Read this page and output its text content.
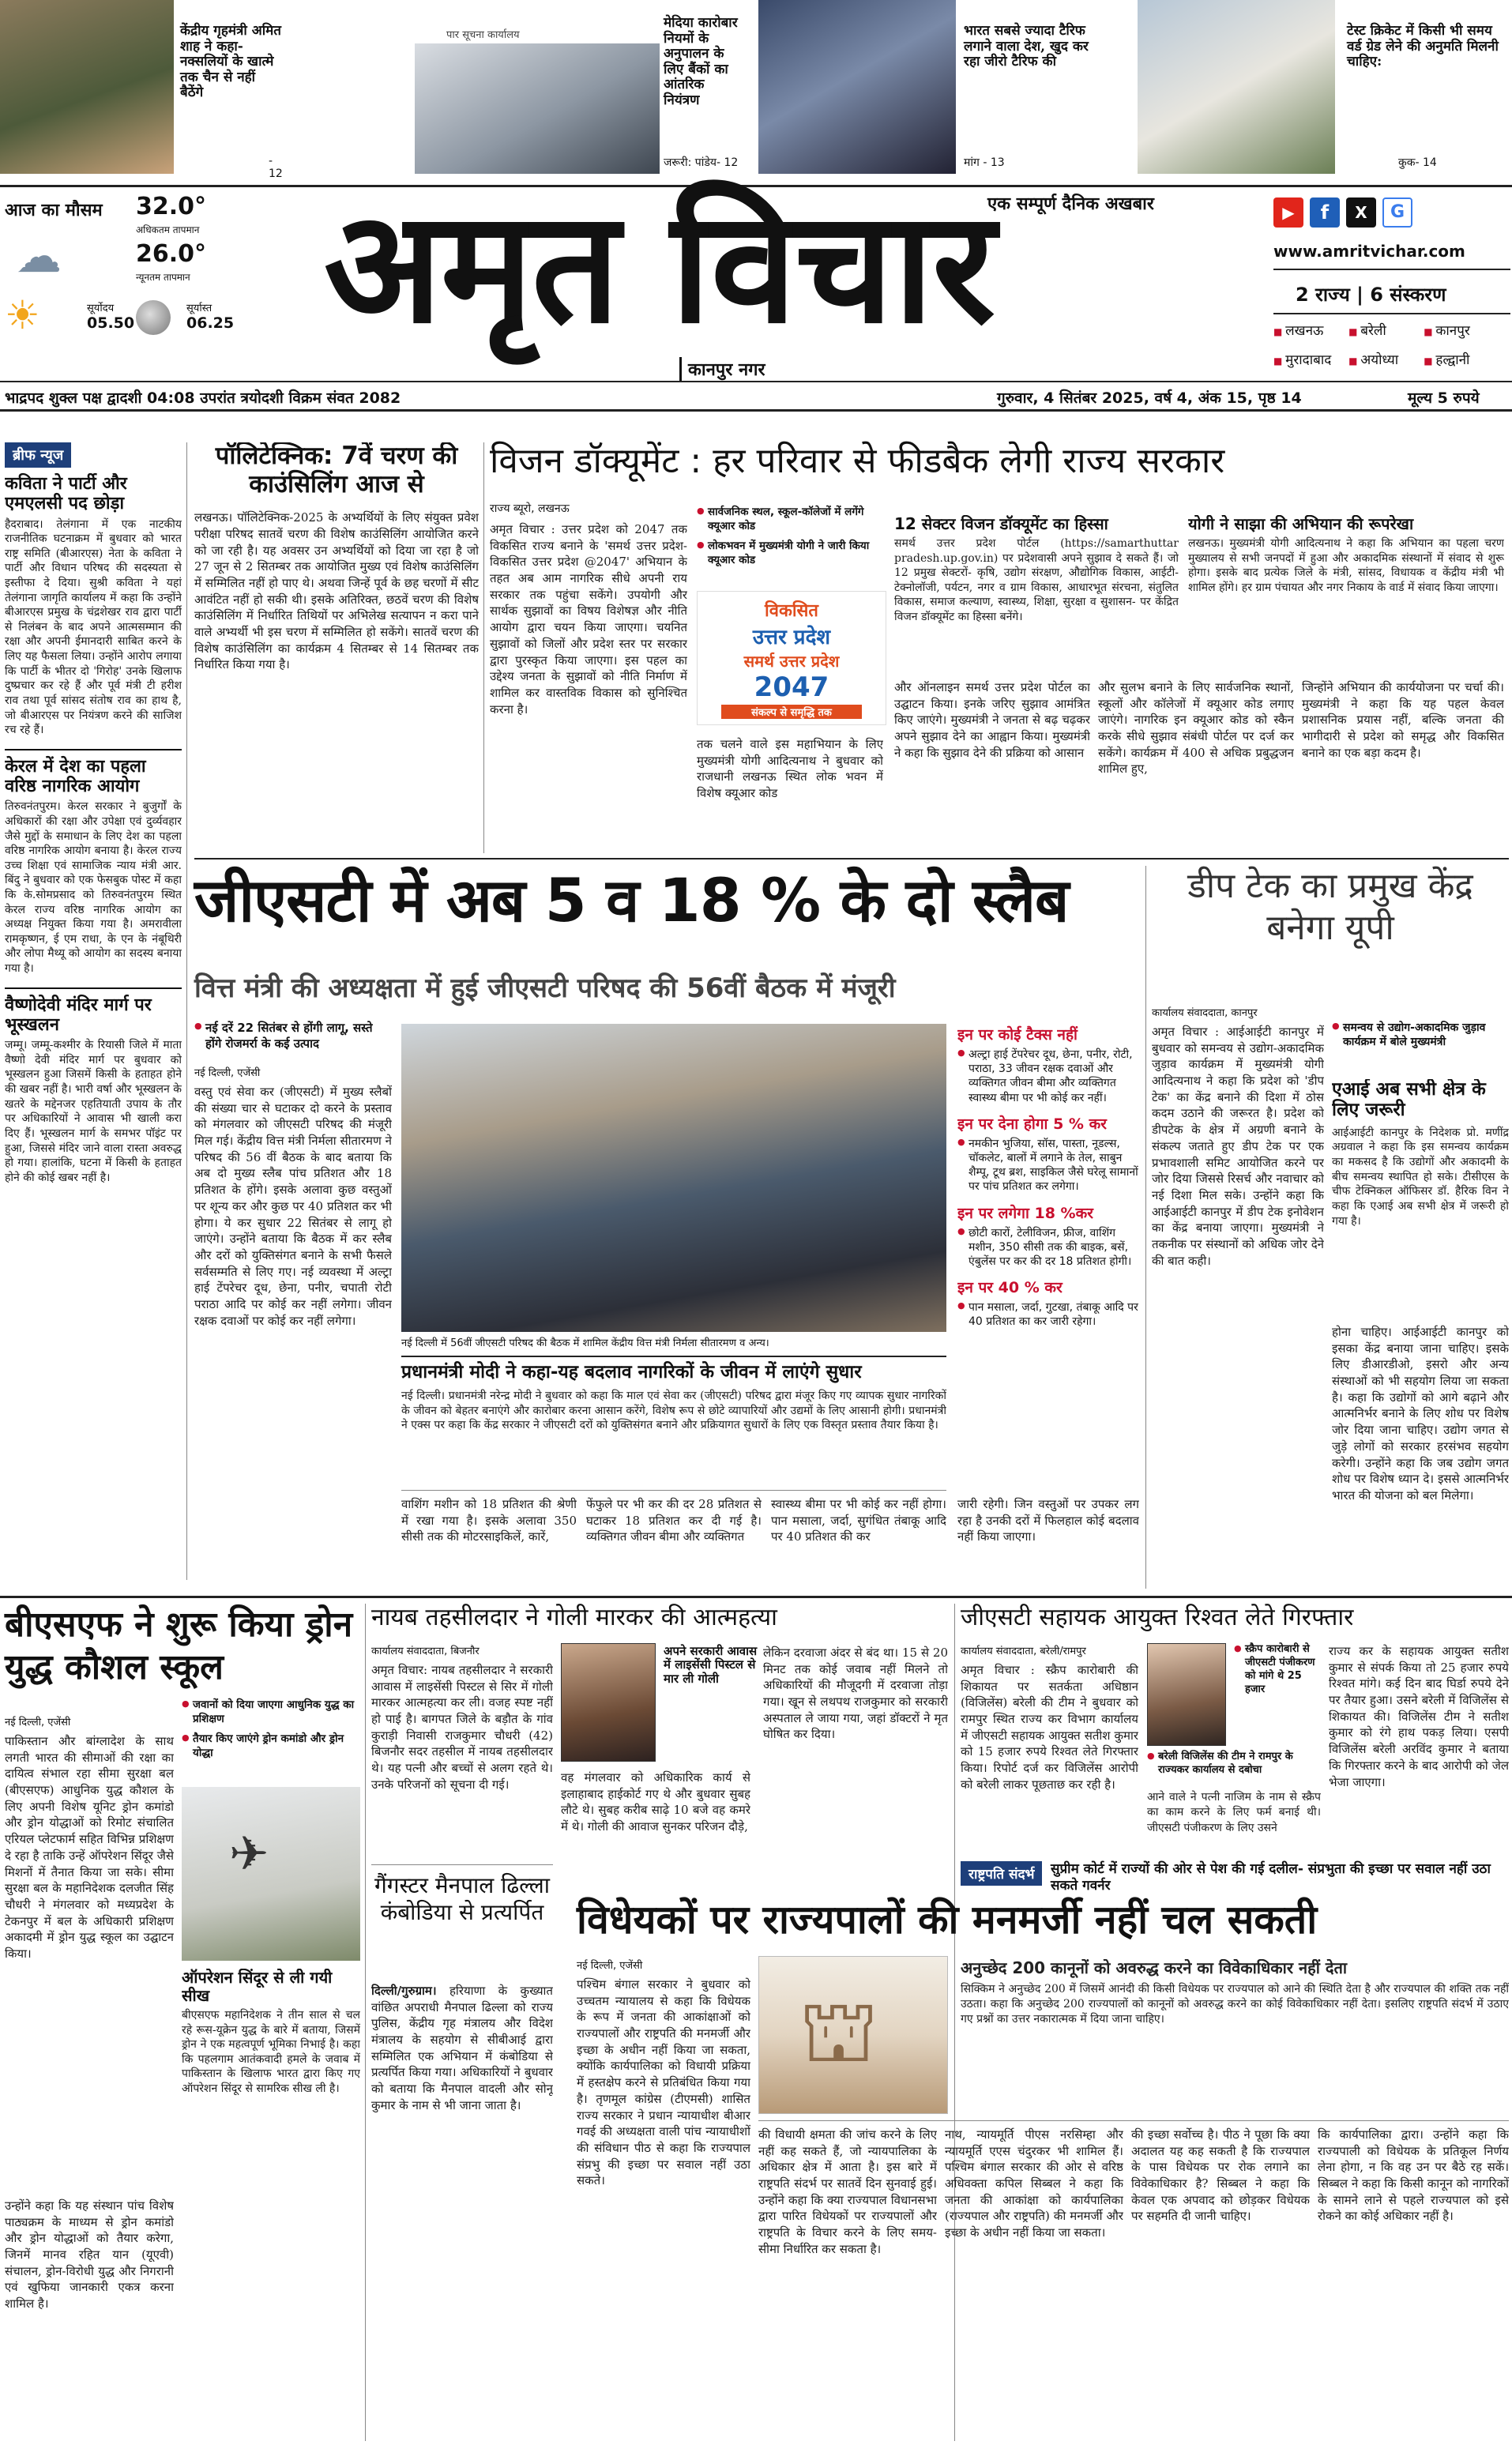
केंद्रीय गृहमंत्री अमित शाह ने कहा- नक्सलियों के खात्मे तक चैन से नहीं बैठेंगे
- 12
पार सूचना कार्यालय
मेदिया कारोबार नियमों के अनुपालन के लिए बैंकों का आंतरिक नियंत्रण
जरूरी: पांडेय- 12
भारत सबसे ज्यादा टैरिफ लगाने वाला देश, खुद कर रहा जीरो टैरिफ की
मांग - 13
टेस्ट क्रिकेट में किसी भी समय वर्ड ग्रेड लेने की अनुमति मिलनी चाहिए:
कुक- 14
आज का मौसम 32.0°
अधिकतम तापमान
☁	26.0°
न्यूनतम तापमान
☀	सूर्योदय
05.50
सूर्यास्त
06.25
एक सम्पूर्ण दैनिक अखबार
अमृत विचार
कानपुर नगर
▶	f	X	G
www.amritvichar.com
2 राज्य | 6 संस्करण
■ लखनऊ	■ बरेली	■ कानपुर ■ मुरादाबाद ■ अयोध्या	■ हल्द्वानी
भाद्रपद शुक्ल पक्ष द्वादशी 04:08 उपरांत त्रयोदशी विक्रम संवत 2082	गुरुवार, 4 सितंबर 2025, वर्ष 4, अंक 15, पृष्ठ 14	मूल्य 5 रुपये
ब्रीफ न्यूज
कविता ने पार्टी और एमएलसी पद छोड़ा
हैदराबाद। तेलंगाना में एक नाटकीय राजनीतिक घटनाक्रम में बुधवार को भारत राष्ट्र समिति (बीआरएस) नेता के कविता ने पार्टी और विधान परिषद की सदस्यता से इस्तीफा दे दिया। सुश्री कविता ने यहां तेलंगाना जागृति कार्यालय में कहा कि उन्होंने बीआरएस प्रमुख के चंद्रशेखर राव द्वारा पार्टी से निलंबन के बाद अपने आत्मसम्मान की रक्षा और अपनी ईमानदारी साबित करने के लिए यह फैसला लिया। उन्होंने आरोप लगाया कि पार्टी के भीतर दो 'गिरोह' उनके खिलाफ दुष्प्रचार कर रहे हैं और पूर्व मंत्री टी हरीश राव तथा पूर्व सांसद संतोष राव का हाथ है, जो बीआरएस पर नियंत्रण करने की साजिश रच रहे हैं।
केरल में देश का पहला वरिष्ठ नागरिक आयोग
तिरुवनंतपुरम। केरल सरकार ने बुजुर्गों के अधिकारों की रक्षा और उपेक्षा एवं दुर्व्यवहार जैसे मुद्दों के समाधान के लिए देश का पहला वरिष्ठ नागरिक आयोग बनाया है। केरल राज्य उच्च शिक्षा एवं सामाजिक न्याय मंत्री आर. बिंदु ने बुधवार को एक फेसबुक पोस्ट में कहा कि के.सोमप्रसाद को तिरुवनंतपुरम स्थित केरल राज्य वरिष्ठ नागरिक आयोग का अध्यक्ष नियुक्त किया गया है। अमरावीला रामकृष्णन, ई एम राधा, के एन के नंबूथिरी और लोपा मैथ्यू को आयोग का सदस्य बनाया गया है।
वैष्णोदेवी मंदिर मार्ग पर भूस्खलन
जम्मू। जम्मू-कश्मीर के रियासी जिले में माता वैष्णो देवी मंदिर मार्ग पर बुधवार को भूस्खलन हुआ जिसमें किसी के हताहत होने की खबर नहीं है। भारी वर्षा और भूस्खलन के खतरे के मद्देनजर एहतियाती उपाय के तौर पर अधिकारियों ने आवास भी खाली करा दिए हैं। भूस्खलन मार्ग के समभर पॉइंट पर हुआ, जिससे मंदिर जाने वाला रास्ता अवरुद्ध हो गया। हालांकि, घटना में किसी के हताहत होने की कोई खबर नहीं है।
पॉलिटेक्निक: 7वें चरण की काउंसिलिंग आज से
लखनऊ। पॉलिटेक्निक-2025 के अभ्यर्थियों के लिए संयुक्त प्रवेश परीक्षा परिषद सातवें चरण की विशेष काउंसिलिंग आयोजित करने को जा रही है। यह अवसर उन अभ्यर्थियों को दिया जा रहा है जो 27 जून से 2 सितम्बर तक आयोजित मुख्य एवं विशेष काउंसिलिंग में सम्मिलित नहीं हो पाए थे। अथवा जिन्हें पूर्व के छह चरणों में सीट आवंटित नहीं हो सकी थी। इसके अतिरिक्त, छठवें चरण की विशेष काउंसिलिंग में निर्धारित तिथियों पर अभिलेख सत्यापन न करा पाने वाले अभ्यर्थी भी इस चरण में सम्मिलित हो सकेंगे। सातवें चरण की विशेष काउंसिलिंग का कार्यक्रम 4 सितम्बर से 14 सितम्बर तक निर्धारित किया गया है।
विजन डॉक्यूमेंट : हर परिवार से फीडबैक लेगी राज्य सरकार
राज्य ब्यूरो, लखनऊ
अमृत विचार : उत्तर प्रदेश को 2047 तक विकसित राज्य बनाने के 'समर्थ उत्तर प्रदेश-विकसित उत्तर प्रदेश @2047' अभियान के तहत अब आम नागरिक सीधे अपनी राय सरकार तक पहुंचा सकेंगे। उपयोगी और सार्थक सुझावों का विषय विशेषज्ञ और नीति आयोग द्वारा चयन किया जाएगा। चयनित सुझावों को जिलों और प्रदेश स्तर पर सरकार द्वारा पुरस्कृत किया जाएगा। इस पहल का उद्देश्य जनता के सुझावों को नीति निर्माण में शामिल कर वास्तविक विकास को सुनिश्चित करना है।
● सार्वजनिक स्थल, स्कूल-कॉलेजों में लगेंगे क्यूआर कोड
● लोकभवन में मुख्यमंत्री योगी ने जारी किया क्यूआर कोड
विकसित
उत्तर प्रदेश
समर्थ उत्तर प्रदेश
2047
संकल्प से समृद्धि तक
तक चलने वाले इस महाभियान के लिए मुख्यमंत्री योगी आदित्यनाथ ने बुधवार को राजधानी लखनऊ स्थित लोक भवन में विशेष क्यूआर कोड
12 सेक्टर विजन डॉक्यूमेंट का हिस्सा
समर्थ उत्तर प्रदेश पोर्टल (https://samarthuttar pradesh.up.gov.in) पर प्रदेशवासी अपने सुझाव दे सकते हैं। जो 12 प्रमुख सेक्टरों- कृषि, उद्योग संरक्षण, औद्योगिक विकास, आईटी-टेक्नोलॉजी, पर्यटन, नगर व ग्राम विकास, आधारभूत संरचना, संतुलित विकास, समाज कल्याण, स्वास्थ्य, शिक्षा, सुरक्षा व सुशासन- पर केंद्रित विजन डॉक्यूमेंट का हिस्सा बनेंगे।
योगी ने साझा की अभियान की रूपरेखा
लखनऊ। मुख्यमंत्री योगी आदित्यनाथ ने कहा कि अभियान का पहला चरण मुख्यालय से सभी जनपदों में हुआ और अकादमिक संस्थानों में संवाद से शुरू होगा। इसके बाद प्रत्येक जिले के मंत्री, सांसद, विधायक व केंद्रीय मंत्री भी शामिल होंगे। हर ग्राम पंचायत और नगर निकाय के वार्ड में संवाद किया जाएगा।
और ऑनलाइन समर्थ उत्तर प्रदेश पोर्टल का उद्घाटन किया। इनके जरिए सुझाव आमंत्रित किए जाएंगे। मुख्यमंत्री ने जनता से बढ़ चढ़कर अपने सुझाव देने का आह्वान किया। मुख्यमंत्री ने कहा कि सुझाव देने की प्रक्रिया को आसान
और सुलभ बनाने के लिए सार्वजनिक स्थानों, स्कूलों और कॉलेजों में क्यूआर कोड लगाए जाएंगे। नागरिक इन क्यूआर कोड को स्कैन करके सीधे सुझाव संबंधी पोर्टल पर दर्ज कर सकेंगे। कार्यक्रम में 400 से अधिक प्रबुद्धजन शामिल हुए,
जिन्होंने अभियान की कार्ययोजना पर चर्चा की। मुख्यमंत्री ने कहा कि यह पहल केवल प्रशासनिक प्रयास नहीं, बल्कि जनता की भागीदारी से प्रदेश को समृद्ध और विकसित बनाने का एक बड़ा कदम है।
जीएसटी में अब 5 व 18 % के दो स्लैब
वित्त मंत्री की अध्यक्षता में हुई जीएसटी परिषद की 56वीं बैठक में मंजूरी
● नई दरें 22 सितंबर से होंगी लागू, सस्ते होंगे रोजमर्रा के कई उत्पाद
नई दिल्ली, एजेंसी
वस्तु एवं सेवा कर (जीएसटी) में मुख्य स्लैबों की संख्या चार से घटाकर दो करने के प्रस्ताव को मंगलवार को जीएसटी परिषद की मंजूरी मिल गई। केंद्रीय वित्त मंत्री निर्मला सीतारमण ने परिषद की 56 वीं बैठक के बाद बताया कि अब दो मुख्य स्लैब पांच प्रतिशत और 18 प्रतिशत के होंगे। इसके अलावा कुछ वस्तुओं पर शून्य कर और कुछ पर 40 प्रतिशत कर भी होगा। ये कर सुधार 22 सितंबर से लागू हो जाएंगे। उन्होंने बताया कि बैठक में कर स्लैब और दरों को युक्तिसंगत बनाने के सभी फैसले सर्वसम्मति से लिए गए। नई व्यवस्था में अल्ट्रा हाई टेंपरेचर दूध, छेना, पनीर, चपाती रोटी पराठा आदि पर कोई कर नहीं लगेगा। जीवन रक्षक दवाओं पर कोई कर नहीं लगेगा।
नई दिल्ली में 56वीं जीएसटी परिषद की बैठक में शामिल केंद्रीय वित्त मंत्री निर्मला सीतारमण व अन्य।
प्रधानमंत्री मोदी ने कहा-यह बदलाव नागरिकों के जीवन में लाएंगे सुधार
नई दिल्ली। प्रधानमंत्री नरेन्द्र मोदी ने बुधवार को कहा कि माल एवं सेवा कर (जीएसटी) परिषद द्वारा मंजूर किए गए व्यापक सुधार नागरिकों के जीवन को बेहतर बनाएंगे और कारोबार करना आसान करेंगे, विशेष रूप से छोटे व्यापारियों और उद्यमों के लिए आसानी होगी। प्रधानमंत्री ने एक्स पर कहा कि केंद्र सरकार ने जीएसटी दरों को युक्तिसंगत बनाने और प्रक्रियागत सुधारों के लिए एक विस्तृत प्रस्ताव तैयार किया है।
वाशिंग मशीन को 18 प्रतिशत की श्रेणी में रखा गया है। इसके अलावा 350 सीसी तक की मोटरसाइकिलें, कारें,
फेंफुले पर भी कर की दर 28 प्रतिशत से घटाकर 18 प्रतिशत कर दी गई है। व्यक्तिगत जीवन बीमा और व्यक्तिगत
स्वास्थ्य बीमा पर भी कोई कर नहीं होगा। पान मसाला, जर्दा, सुगंधित तंबाकू आदि पर 40 प्रतिशत की कर
इन पर कोई टैक्स नहीं
● अल्ट्रा हाई टेंपरेचर दूध, छेना, पनीर, रोटी, पराठा, 33 जीवन रक्षक दवाओं और व्यक्तिगत जीवन बीमा और व्यक्तिगत स्वास्थ्य बीमा पर भी कोई कर नहीं।
इन पर देना होगा 5 % कर
● नमकीन भुजिया, सॉस, पास्ता, नूडल्स, चॉकलेट, बालों में लगाने के तेल, साबुन शैम्पू, टूथ ब्रश, साइकिल जैसे घरेलू सामानों पर पांच प्रतिशत कर लगेगा।
इन पर लगेगा 18 %कर
● छोटी कारों, टेलीविजन, फ्रीज, वाशिंग मशीन, 350 सीसी तक की बाइक, बसें, एंबुलेंस पर कर की दर 18 प्रतिशत होगी।
इन पर 40 % कर
● पान मसाला, जर्दा, गुटखा, तंबाकू आदि पर 40 प्रतिशत का कर जारी रहेगा।
जारी रहेगी। जिन वस्तुओं पर उपकर लग रहा है उनकी दरों में फिलहाल कोई बदलाव नहीं किया जाएगा।
डीप टेक का प्रमुख केंद्र बनेगा यूपी
कार्यालय संवाददाता, कानपुर
● समन्वय से उद्योग-अकादमिक जुड़ाव कार्यक्रम में बोले मुख्यमंत्री
अमृत विचार : आईआईटी कानपुर में बुधवार को समन्वय से उद्योग-अकादमिक जुड़ाव कार्यक्रम में मुख्यमंत्री योगी आदित्यनाथ ने कहा कि प्रदेश को 'डीप टेक' का केंद्र बनाने की दिशा में ठोस कदम उठाने की जरूरत है। प्रदेश को डीपटेक के क्षेत्र में अग्रणी बनाने के संकल्प जताते हुए डीप टेक पर एक प्रभावशाली समिट आयोजित करने पर जोर दिया जिससे रिसर्च और नवाचार को नई दिशा मिल सके। उन्होंने कहा कि आईआईटी कानपुर में डीप टेक इनोवेशन का केंद्र बनाया जाएगा। मुख्यमंत्री ने तकनीक पर संस्थानों को अधिक जोर देने की बात कही।
एआई अब सभी क्षेत्र के लिए जरूरी
आईआईटी कानपुर के निदेशक प्रो. मणींद्र अग्रवाल ने कहा कि इस समन्वय कार्यक्रम का मकसद है कि उद्योगों और अकादमी के बीच समन्वय स्थापित हो सके। टीसीएस के चीफ टेक्निकल ऑफिसर डॉ. हैरिक विन ने कहा कि एआई अब सभी क्षेत्र में जरूरी हो गया है।
होना चाहिए। आईआईटी कानपुर को इसका केंद्र बनाया जाना चाहिए। इसके लिए डीआरडीओ, इसरो और अन्य संस्थाओं को भी सहयोग लिया जा सकता है। कहा कि उद्योगों को आगे बढ़ाने और आत्मनिर्भर बनाने के लिए शोध पर विशेष जोर दिया जाना चाहिए। उद्योग जगत से जुड़े लोगों को सरकार हरसंभव सहयोग करेगी। उन्होंने कहा कि जब उद्योग जगत शोध पर विशेष ध्यान दे। इससे आत्मनिर्भर भारत की योजना को बल मिलेगा।
बीएसएफ ने शुरू किया ड्रोन युद्ध कौशल स्कूल
● जवानों को दिया जाएगा आधुनिक युद्ध का प्रशिक्षण
● तैयार किए जाएंगे ड्रोन कमांडो और ड्रोन योद्धा
नई दिल्ली, एजेंसी
पाकिस्तान और बांग्लादेश के साथ लगती भारत की सीमाओं की रक्षा का दायित्व संभाल रहा सीमा सुरक्षा बल (बीएसएफ) आधुनिक युद्ध कौशल के लिए अपनी विशेष यूनिट ड्रोन कमांडो और ड्रोन योद्धाओं को रिमोट संचालित एरियल प्लेटफार्म सहित विभिन्न प्रशिक्षण दे रहा है ताकि उन्हें ऑपरेशन सिंदूर जैसे मिशनों में तैनात किया जा सके। सीमा सुरक्षा बल के महानिदेशक दलजीत सिंह चौधरी ने मंगलवार को मध्यप्रदेश के टेकनपुर में बल के अधिकारी प्रशिक्षण अकादमी में ड्रोन युद्ध स्कूल का उद्घाटन किया।
✈
ऑपरेशन सिंदूर से ली गयी सीख
बीएसएफ महानिदेशक ने तीन साल से चल रहे रूस-यूक्रेन युद्ध के बारे में बताया, जिसमें ड्रोन ने एक महत्वपूर्ण भूमिका निभाई है। कहा कि पहलगाम आतंकवादी हमले के जवाब में पाकिस्तान के खिलाफ भारत द्वारा किए गए ऑपरेशन सिंदूर से सामरिक सीख ली है।
उन्होंने कहा कि यह संस्थान पांच विशेष पाठ्यक्रम के माध्यम से ड्रोन कमांडो और ड्रोन योद्धाओं को तैयार करेगा, जिनमें मानव रहित यान (यूएवी) संचालन, ड्रोन-विरोधी युद्ध और निगरानी एवं खुफिया जानकारी एकत्र करना शामिल है।
नायब तहसीलदार ने गोली मारकर की आत्महत्या
कार्यालय संवाददाता, बिजनौर
अमृत विचार: नायब तहसीलदार ने सरकारी आवास में लाइसेंसी पिस्टल से सिर में गोली मारकर आत्महत्या कर ली। वजह स्पष्ट नहीं हो पाई है। बागपत जिले के बड़ौत के गांव कुराड़ी निवासी राजकुमार चौधरी (42) बिजनौर सदर तहसील में नायब तहसीलदार थे। यह पत्नी और बच्चों से अलग रहते थे। उनके परिजनों को सूचना दी गई।
अपने सरकारी आवास में लाइसेंसी पिस्टल से मार ली गोली
वह मंगलवार को अधिकारिक कार्य से इलाहाबाद हाईकोर्ट गए थे और बुधवार सुबह लौटे थे। सुबह करीब साढ़े 10 बजे वह कमरे में थे। गोली की आवाज सुनकर परिजन दौड़े,
लेकिन दरवाजा अंदर से बंद था। 15 से 20 मिनट तक कोई जवाब नहीं मिलने तो अधिकारियों की मौजूदगी में दरवाजा तोड़ा गया। खून से लथपथ राजकुमार को सरकारी अस्पताल ले जाया गया, जहां डॉक्टरों ने मृत घोषित कर दिया।
गैंगस्टर मैनपाल ढिल्ला कंबोडिया से प्रत्यर्पित
दिल्ली/गुरुग्राम। हरियाणा के कुख्यात वांछित अपराधी मैनपाल ढिल्ला को राज्य पुलिस, केंद्रीय गृह मंत्रालय और विदेश मंत्रालय के सहयोग से सीबीआई द्वारा सम्मिलित एक अभियान में कंबोडिया से प्रत्यर्पित किया गया। अधिकारियों ने बुधवार को बताया कि मैनपाल वादली और सोनू कुमार के नाम से भी जाना जाता है।
जीएसटी सहायक आयुक्त रिश्वत लेते गिरफ्तार
कार्यालय संवाददाता, बरेली/रामपुर
अमृत विचार : स्क्रैप कारोबारी की शिकायत पर सतर्कता अधिष्ठान (विजिलेंस) बरेली की टीम ने बुधवार को रामपुर स्थित राज्य कर विभाग कार्यालय में जीएसटी सहायक आयुक्त सतीश कुमार को 15 हजार रुपये रिश्वत लेते गिरफ्तार किया। रिपोर्ट दर्ज कर विजिलेंस आरोपी को बरेली लाकर पूछताछ कर रही है।
● स्क्रैप कारोबारी से जीएसटी पंजीकरण को मांगे थे 25 हजार
● बरेली विजिलेंस की टीम ने रामपुर के राज्यकर कार्यालय से दबोचा
आने वाले ने पत्नी नाजिम के नाम से स्क्रैप का काम करने के लिए फर्म बनाई थी। जीएसटी पंजीकरण के लिए उसने
राज्य कर के सहायक आयुक्त सतीश कुमार से संपर्क किया तो 25 हजार रुपये रिश्वत मांगे। कई दिन बाद घिर्डा रुपये देने पर तैयार हुआ। उसने बरेली में विजिलेंस से शिकायत की। विजिलेंस टीम ने सतीश कुमार को रंगे हाथ पकड़ लिया। एसपी विजिलेंस बरेली अरविंद कुमार ने बताया कि गिरफ्तार करने के बाद आरोपी को जेल भेजा जाएगा।
राष्ट्रपति संदर्भ	सुप्रीम कोर्ट में राज्यों की ओर से पेश की गई दलील- संप्रभुता की इच्छा पर सवाल नहीं उठा सकते गवर्नर
विधेयकों पर राज्यपालों की मनमर्जी नहीं चल सकती
नई दिल्ली, एजेंसी
पश्चिम बंगाल सरकार ने बुधवार को उच्चतम न्यायालय से कहा कि विधेयक के रूप में जनता की आकांक्षाओं को राज्यपालों और राष्ट्रपति की मनमर्जी और इच्छा के अधीन नहीं किया जा सकता, क्योंकि कार्यपालिका को विधायी प्रक्रिया में हस्तक्षेप करने से प्रतिबंधित किया गया है। तृणमूल कांग्रेस (टीएमसी) शासित राज्य सरकार ने प्रधान न्यायाधीश बीआर गवई की अध्यक्षता वाली पांच न्यायाधीशों की संविधान पीठ से कहा कि राज्यपाल संप्रभु की इच्छा पर सवाल नहीं उठा सकते।
⛫
अनुच्छेद 200 कानूनों को अवरुद्ध करने का विवेकाधिकार नहीं देता
सिक्किम ने अनुच्छेद 200 में जिसमें आनंदी की किसी विधेयक पर राज्यपाल को आने की स्थिति देता है और राज्यपाल की शक्ति तक नहीं उठता। कहा कि अनुच्छेद 200 राज्यपालों को कानूनों को अवरुद्ध करने का कोई विवेकाधिकार नहीं देता। इसलिए राष्ट्रपति संदर्भ में उठाए गए प्रश्नों का उत्तर नकारात्मक में दिया जाना चाहिए।
की विधायी क्षमता की जांच करने के लिए नहीं कह सकते हैं, जो न्यायपालिका के अधिकार क्षेत्र में आता है। इस बारे में राष्ट्रपति संदर्भ पर सातवें दिन सुनवाई हुई। उन्होंने कहा कि क्या राज्यपाल विधानसभा द्वारा पारित विधेयकों पर राज्यपालों और राष्ट्रपति के विचार करने के लिए समय-सीमा निर्धारित कर सकता है।
नाथ, न्यायमूर्ति पीएस नरसिम्हा और न्यायमूर्ति एएस चंदुरकर भी शामिल हैं। पश्चिम बंगाल सरकार की ओर से वरिष्ठ अधिवक्ता कपिल सिब्बल ने कहा कि जनता की आकांक्षा को कार्यपालिका (राज्यपाल और राष्ट्रपति) की मनमर्जी और इच्छा के अधीन नहीं किया जा सकता।
की इच्छा सर्वोच्च है। पीठ ने पूछा कि क्या अदालत यह कह सकती है कि राज्यपाल के पास विधेयक पर रोक लगाने का विवेकाधिकार है? सिब्बल ने कहा कि केवल एक अपवाद को छोड़कर विधेयक पर सहमति दी जानी चाहिए।
कि कार्यपालिका द्वारा। उन्होंने कहा कि राज्यपाली को विधेयक के प्रतिकूल निर्णय लेना होगा, न कि वह उन पर बैठे रह सकें। सिब्बल ने कहा कि किसी कानून को नागरिकों के सामने लाने से पहले राज्यपाल को इसे रोकने का कोई अधिकार नहीं है।
